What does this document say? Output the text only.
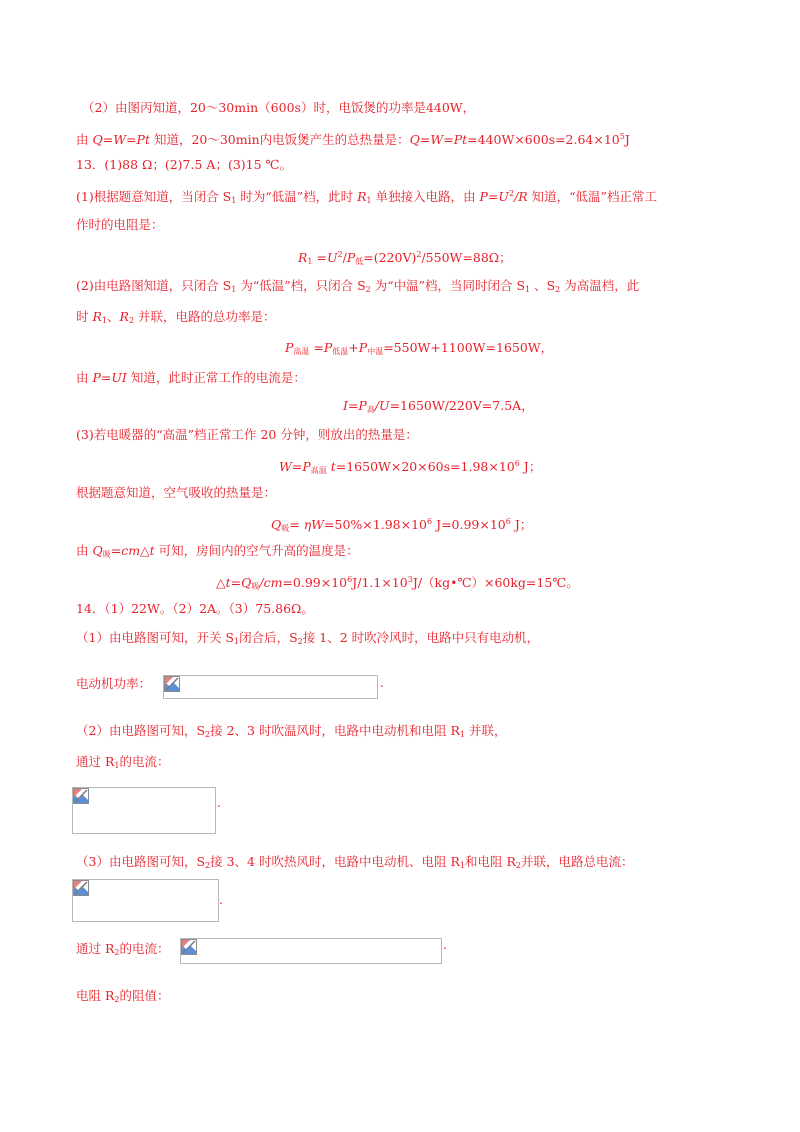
（2）由图丙知道，20～30min（600s）时，电饭煲的功率是440W，
由 Q=W=Pt 知道，20～30min内电饭煲产生的总热量是：$Q=W=Pt=440W\times 600s=2.64\times 10^5J$
13．(1)88 Ω；(2)7.5 A；(3)15 ℃。
(1)根据题意知道，当闭合 $S_1$ 时为“低温”档，此时 $R_1$ 单独接入电路，由 $P=U^2/R$ 知道，“低温”档正常工
作时的电阻是：
$R_1 =U^2/P_低=(220V)^2/550W=88\Omega$；
(2)由电路图知道，只闭合 $S_1$ 为“低温”档，只闭合 $S_2$ 为“中温”档，当同时闭合 $S_1$ 、$S_2$ 为高温档，此
时 $R_1$、$R_2$ 并联，电路的总功率是：
$P_{高温} =P_{低温}+P_{中温}=550W+1100W=1650W$，
由 P=UI 知道，此时正常工作的电流是：
$I=P_高/U=1650W/220V=7.5A$，
(3)若电暖器的“高温”档正常工作 20 分钟，则放出的热量是：
$W=P_{高温}$ $t=1650W\times 20\times 60s=1.98\times 10^6$ J；
根据题意知道，空气吸收的热量是：
$Q_吸= \eta W=50\%\times 1.98\times 10^6$ $J=0.99\times 10^6$ J；
由 $Q_吸=cm\triangle t$ 可知，房间内的空气升高的温度是：
$\triangle t=Q_吸/cm=0.99\times 10^6J/1.1\times 10^3J/(kg•℃)\times 60kg=15℃$。
14．（1）22W。（2）2A。（3）75.86Ω。
（1）由电路图可知，开关 $S_1$闭合后，$S_2$接 1、2 时吹冷风时，电路中只有电动机，
电动机功率：	.
（2）由电路图可知，$S_2$接 2、3 时吹温风时，电路中电动机和电阻 $R_1$ 并联，
通过 $R_1$的电流：
.
（3）由电路图可知，$S_2$接 3、4 时吹热风时，电路中电动机、电阻 $R_1$和电阻 $R_2$并联，电路总电流：
.
通过 $R_2$的电流：	.
电阻 $R_2$的阻值：
